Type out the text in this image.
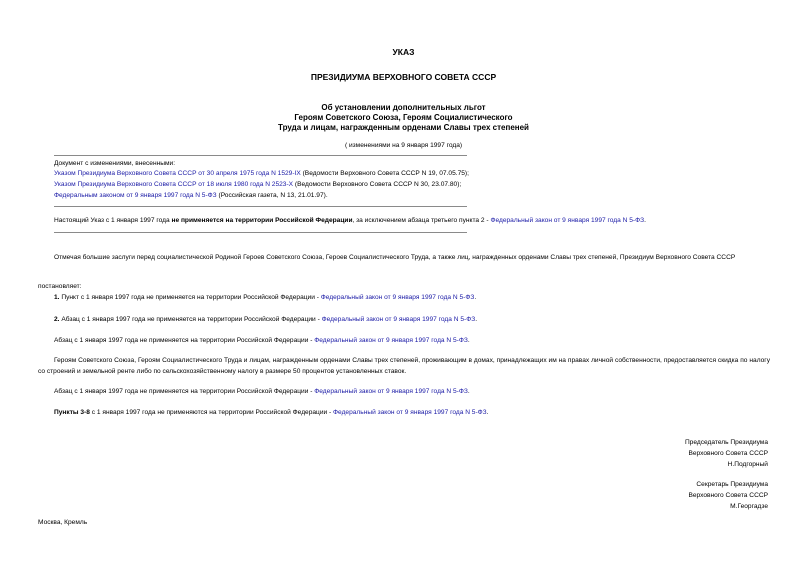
УКАЗ
ПРЕЗИДИУМА ВЕРХОВНОГО СОВЕТА СССР
Об установлении дополнительных льгот
Героям Советского Союза, Героям Социалистического
Труда и лицам, награжденным орденами Славы трех степеней
( изменениями на 9 января 1997 года)
Документ с изменениями, внесенными:
Указом Президиума Верховного Совета СССР от 30 апреля 1975 года N 1529-IX (Ведомости Верховного Совета СССР N 19, 07.05.75);
Указом Президиума Верховного Совета СССР от 18 июля 1980 года N 2523-Х (Ведомости Верховного Совета СССР N 30, 23.07.80);
Федеральным законом от 9 января 1997 года N 5-ФЗ (Российская газета, N 13, 21.01.97).
Настоящий Указ с 1 января 1997 года не применяется на территории Российской Федерации, за исключением абзаца третьего пункта 2 - Федеральный закон от 9 января 1997 года N 5-ФЗ.
Отмечая большие заслуги перед социалистической Родиной Героев Советского Союза, Героев Социалистического Труда, а также лиц, награжденных орденами Славы трех степеней, Президиум Верховного Совета СССР
постановляет:
1. Пункт с 1 января 1997 года не применяется на территории Российской Федерации - Федеральный закон от 9 января 1997 года N 5-ФЗ.
2. Абзац с 1 января 1997 года не применяется на территории Российской Федерации - Федеральный закон от 9 января 1997 года N 5-ФЗ.
Абзац с 1 января 1997 года не применяется на территории Российской Федерации - Федеральный закон от 9 января 1997 года N 5-ФЗ.
Героям Советского Союза, Героям Социалистического Труда и лицам, награжденным орденами Славы трех степеней, проживающим в домах, принадлежащих им на правах личной собственности, предоставляется скидка по налогу со строений и земельной ренте либо по сельскохозяйственному налогу в размере 50 процентов установленных ставок.
Абзац с 1 января 1997 года не применяется на территории Российской Федерации - Федеральный закон от 9 января 1997 года N 5-ФЗ.
Пункты 3-8 с 1 января 1997 года не применяются на территории Российской Федерации - Федеральный закон от 9 января 1997 года N 5-ФЗ.
Председатель Президиума
Верховного Совета СССР
Н.Подгорный
Секретарь Президиума
Верховного Совета СССР
М.Георгадзе
Москва, Кремль
